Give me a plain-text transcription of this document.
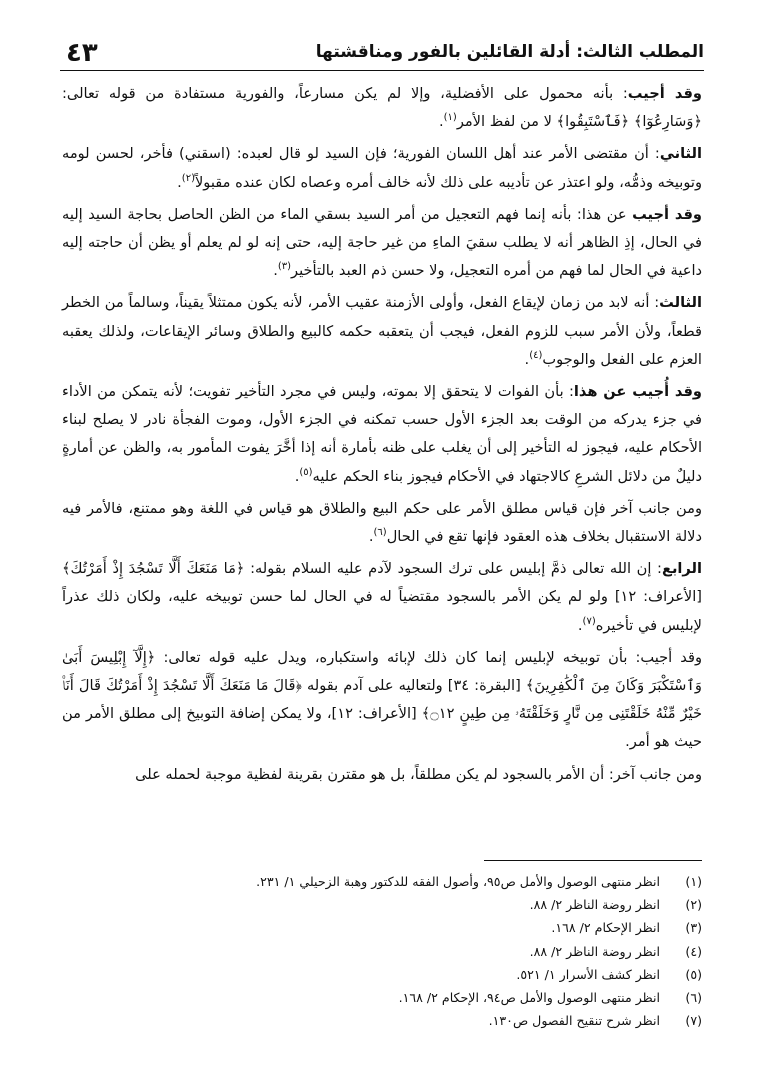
المطلب الثالث: أدلة القائلين بالفور ومناقشتها
٤٣

وقد أجيب: بأنه محمول على الأفضلية، وإلا لم يكن مسارعاً، والفورية مستفادة من قوله تعالى: ﴿وَسَارِعُوٓا﴾ ﴿فَٱسْتَبِقُوا﴾ لا من لفظ الأمر$^{(١)}$.

الثاني: أن مقتضى الأمر عند أهل اللسان الفورية؛ فإن السيد لو قال لعبده: (اسقني) فأخر، لحسن لومه وتوبيخه وذمُّه، ولو اعتذر عن تأديبه على ذلك لأنه خالف أمره وعصاه لكان عنده مقبولاً$^{(٢)}$.

وقد أجيب عن هذا: بأنه إنما فهم التعجيل من أمر السيد بسقي الماء من الظن الحاصل بحاجة السيد إليه في الحال، إذِ الظاهر أنه لا يطلب سقيَ الماءِ من غير حاجة إليه، حتى إنه لو لم يعلم أو يظن أن حاجته إليه داعية في الحال لما فهم من أمره التعجيل، ولا حسن ذم العبد بالتأخير$^{(٣)}$.

الثالث: أنه لابد من زمان لإيقاع الفعل، وأولى الأزمنة عقيب الأمر، لأنه يكون ممتثلاً يقيناً، وسالماً من الخطر قطعاً، ولأن الأمر سبب للزوم الفعل، فيجب أن يتعقبه حكمه كالبيع والطلاق وسائر الإيقاعات، ولذلك يعقبه العزم على الفعل والوجوب$^{(٤)}$.

وقد أُجيب عن هذا: بأن الفوات لا يتحقق إلا بموته، وليس في مجرد التأخير تفويت؛ لأنه يتمكن من الأداء في جزء يدركه من الوقت بعد الجزء الأول حسب تمكنه في الجزء الأول، وموت الفجأة نادر لا يصلح لبناء الأحكام عليه، فيجوز له التأخير إلى أن يغلب على ظنه بأمارة أنه إذا أخَّرَ يفوت المأمور به، والظن عن أمارةٍ دليلٌ من دلائل الشرعِ كالاجتهاد في الأحكام فيجوز بناء الحكم عليه$^{(٥)}$.

ومن جانب آخر فإن قياس مطلق الأمر على حكم البيع والطلاق هو قياس في اللغة وهو ممتنع، فالأمر فيه دلالة الاستقبال بخلاف هذه العقود فإنها تقع في الحال$^{(٦)}$.

الرابع: إن الله تعالى ذمَّ إبليس على ترك السجود لآدم عليه السلام بقوله: ﴿مَا مَنَعَكَ أَلَّا تَسْجُدَ إِذْ أَمَرْتُكَ﴾ [الأعراف: ١٢] ولو لم يكن الأمر بالسجود مقتضياً له في الحال لما حسن توبيخه عليه، ولكان ذلك عذراً لإبليس في تأخيره$^{(٧)}$.

وقد أجيب: بأن توبيخه لإبليس إنما كان ذلك لإبائه واستكباره، ويدل عليه قوله تعالى: ﴿إِلَّآ إِبْلِيسَ أَبَىٰ وَٱسْتَكْبَرَ وَكَانَ مِنَ ٱلْكَٰفِرِينَ﴾ [البقرة: ٣٤] ولتعاليه على آدم بقوله ﴿قَالَ مَا مَنَعَكَ أَلَّا تَسْجُدَ إِذْ أَمَرْتُكَ قَالَ أَنَا۠ خَيْرٌ مِّنْهُ خَلَقْتَنِى مِن نَّارٍ وَخَلَقْتَهُۥ مِن طِينٍ ۝١٢﴾ [الأعراف: ١٢]، ولا يمكن إضافة التوبيخ إلى مطلق الأمر من حيث هو أمر.

ومن جانب آخر: أن الأمر بالسجود لم يكن مطلقاً، بل هو مقترن بقرينة لفظية موجبة لحمله على

(١)
انظر منتهى الوصول والأمل ص٩٥، وأصول الفقه للدكتور وهبة الزحيلي ١/ ٢٣١.
(٢)
انظر روضة الناظر ٢/ ٨٨.
(٣)
انظر الإحكام ٢/ ١٦٨.
(٤)
انظر روضة الناظر ٢/ ٨٨.
(٥)
انظر كشف الأسرار ١/ ٥٢١.
(٦)
انظر منتهى الوصول والأمل ص٩٤، الإحكام ٢/ ١٦٨.
(٧)
انظر شرح تنقيح الفصول ص١٣٠.
